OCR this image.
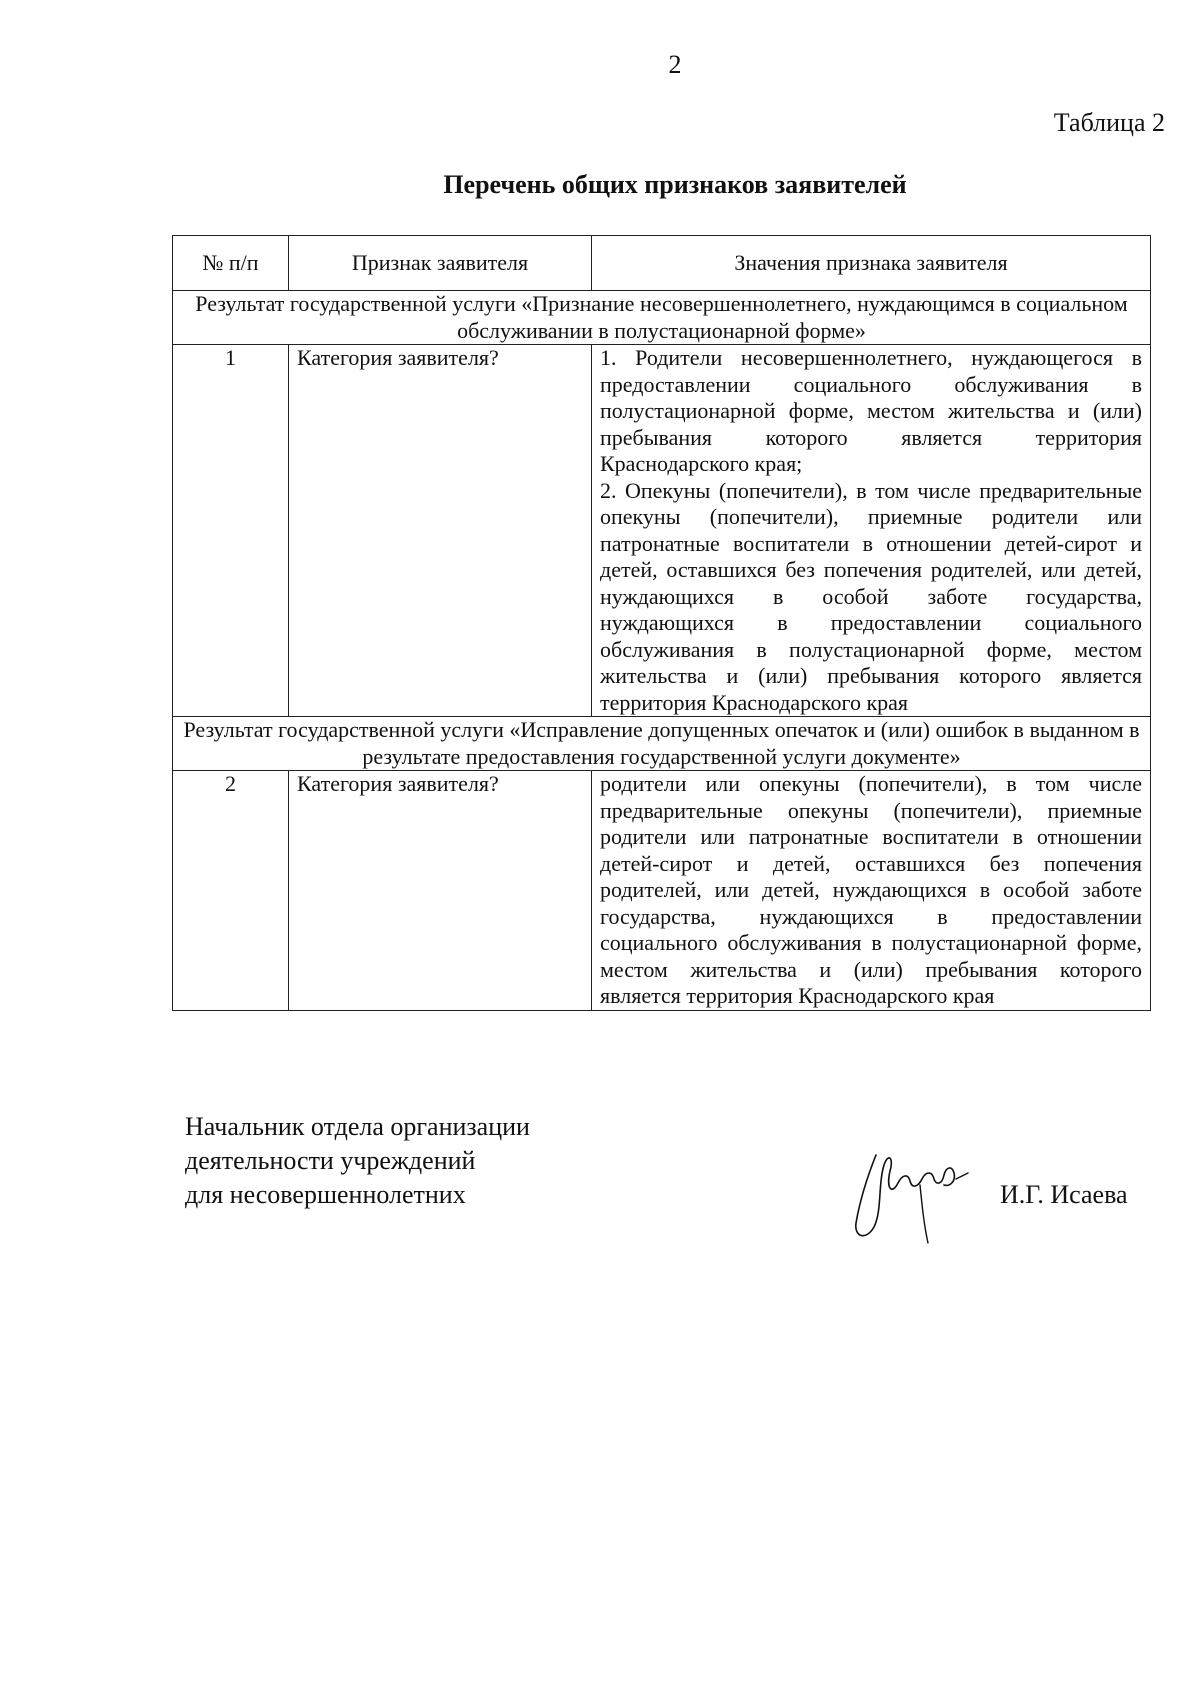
2
Таблица 2
Перечень общих признаков заявителей
№ п/п	Признак заявителя	Значения признака заявителя
Результат государственной услуги «Признание несовершеннолетнего, нуждающимся в социальном обслуживании в полустационарной форме»		
1	Категория заявителя?	1. Родители несовершеннолетнего, нуждающегося в предоставлении социального обслуживания в полустационарной форме, местом жительства и (или) пребывания которого является территория Краснодарского края;

2. Опекуны (попечители), в том числе предварительные опекуны (попечители), приемные родители или патронатные воспитатели в отношении детей-сирот и детей, оставшихся без попечения родителей, или детей, нуждающихся в особой заботе государства, нуждающихся в предоставлении социального обслуживания в полустационарной форме, местом жительства и (или) пребывания которого является территория Краснодарского края

Результат государственной услуги «Исправление допущенных опечаток и (или) ошибок в выданном в результате предоставления государственной услуги документе»		
2	Категория заявителя?	родители или опекуны (попечители), в том числе предварительные опекуны (попечители), приемные родители или патронатные воспитатели в отношении детей-сирот и детей, оставшихся без попечения родителей, или детей, нуждающихся в особой заботе государства, нуждающихся в предоставлении социального обслуживания в полустационарной форме, местом жительства и (или) пребывания которого является территория Краснодарского края

Начальник отдела организации
деятельности учреждений
для несовершеннолетних	И.Г. Исаева
